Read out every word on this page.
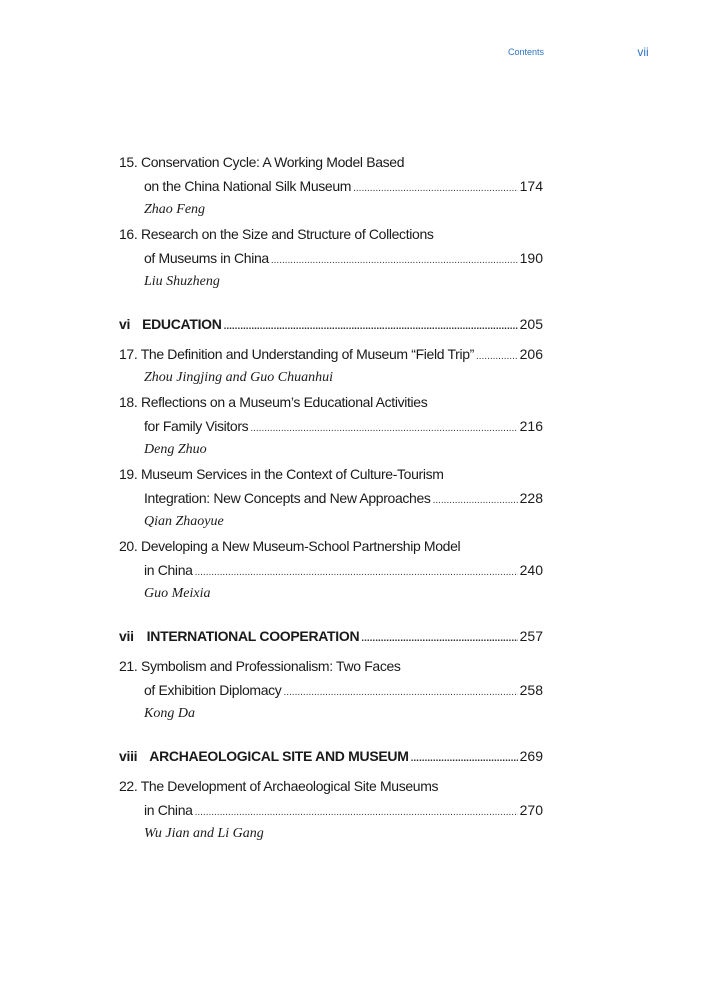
Contents	vii
15. Conservation Cycle: A Working Model Based
on the China National Silk Museum .....	174
Zhao Feng
16. Research on the Size and Structure of Collections
of Museums in China .....	190
Liu Shuzheng
vi EDUCATION .....	205
17. The Definition and Understanding of Museum “Field Trip” .....	206
Zhou Jingjing and Guo Chuanhui
18. Reflections on a Museum’s Educational Activities
for Family Visitors .....	216
Deng Zhuo
19. Museum Services in the Context of Culture-Tourism
Integration: New Concepts and New Approaches .....	228
Qian Zhaoyue
20. Developing a New Museum-School Partnership Model
in China .....	240
Guo Meixia
vii INTERNATIONAL COOPERATION .....	257
21. Symbolism and Professionalism: Two Faces
of Exhibition Diplomacy .....	258
Kong Da
viii ARCHAEOLOGICAL SITE AND MUSEUM .....	269
22. The Development of Archaeological Site Museums
in China .....	270
Wu Jian and Li Gang
